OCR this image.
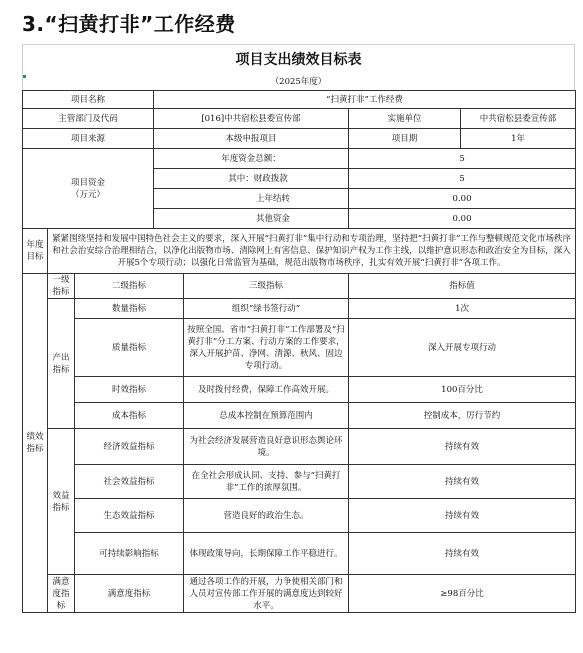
3.“扫黄打非”工作经费
项目支出绩效目标表
（2025年度）
项目名称			“扫黄打非”工作经费			
主管部门及代码			[016]中共宿松县委宣传部		实施单位	中共宿松县委宣传部
项目来源			本级申报项目		项目期	1年

项目资金
（万元）			年度资金总额：		5	
			其中：财政拨款		5	
			上年结转		0.00	
			其他资金		0.00	
年度目标	紧紧围绕坚持和发展中国特色社会主义的要求，深入开展“扫黄打非”集中行动和专项治理，坚持把“扫黄打非”工作与整顿规范文化市场秩序和社会治安综合治理相结合，以净化出版物市场、清除网上有害信息、保护知识产权为工作主线，以维护意识形态和政治安全为目标，深入开展5个专项行动；以强化日常监管为基础，规范出版物市场秩序，扎实有效开展“扫黄打非”各项工作。					
绩效指标	一级指标	二级指标		三级指标	指标值	
	产出指标	数量指标		组织“绿书签行动”	1次	
		质量指标		按照全国、省市“扫黄打非”工作部署及“扫黄打非”分工方案、行动方案的工作要求，深入开展护苗、净网、清源、秋风、固边专项行动。	深入开展专项行动	
		时效指标		及时拨付经费，保障工作高效开展。	100百分比	
		成本指标		总成本控制在预算范围内	控制成本，厉行节约	
	效益指标	经济效益指标		为社会经济发展营造良好意识形态舆论环境。	持续有效	
		社会效益指标		在全社会形成认同、支持、参与“扫黄打非”工作的浓厚氛围。	持续有效	
		生态效益指标		营造良好的政治生态。	持续有效	
		可持续影响指标		体现政策导向，长期保障工作平稳进行。	持续有效	
	满意度指标	满意度指标		通过各项工作的开展，力争使相关部门和人员对宣传部工作开展的满意度达到较好水平。	≥98百分比	
